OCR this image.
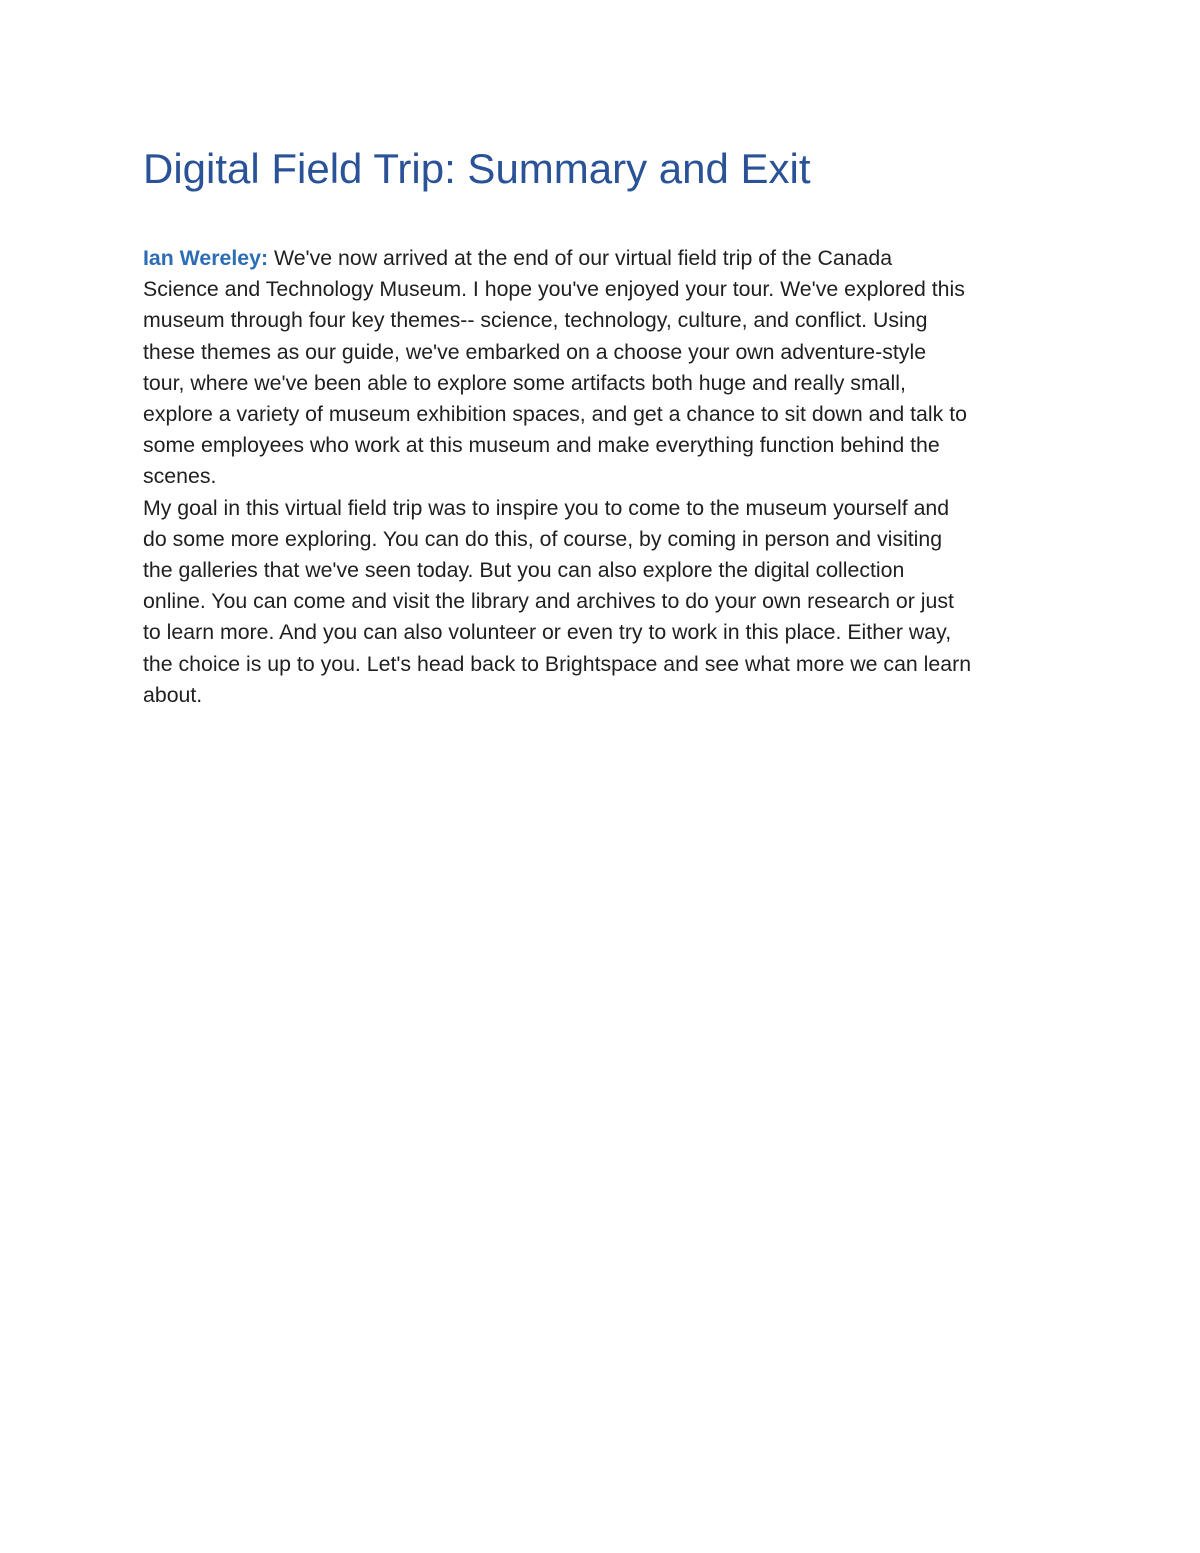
Digital Field Trip: Summary and Exit

Ian Wereley: We've now arrived at the end of our virtual field trip of the Canada
Science and Technology Museum. I hope you've enjoyed your tour. We've explored this
museum through four key themes-- science, technology, culture, and conflict. Using
these themes as our guide, we've embarked on a choose your own adventure-style
tour, where we've been able to explore some artifacts both huge and really small,
explore a variety of museum exhibition spaces, and get a chance to sit down and talk to
some employees who work at this museum and make everything function behind the
scenes.

My goal in this virtual field trip was to inspire you to come to the museum yourself and
do some more exploring. You can do this, of course, by coming in person and visiting
the galleries that we've seen today. But you can also explore the digital collection
online. You can come and visit the library and archives to do your own research or just
to learn more. And you can also volunteer or even try to work in this place. Either way,
the choice is up to you. Let's head back to Brightspace and see what more we can learn
about.
